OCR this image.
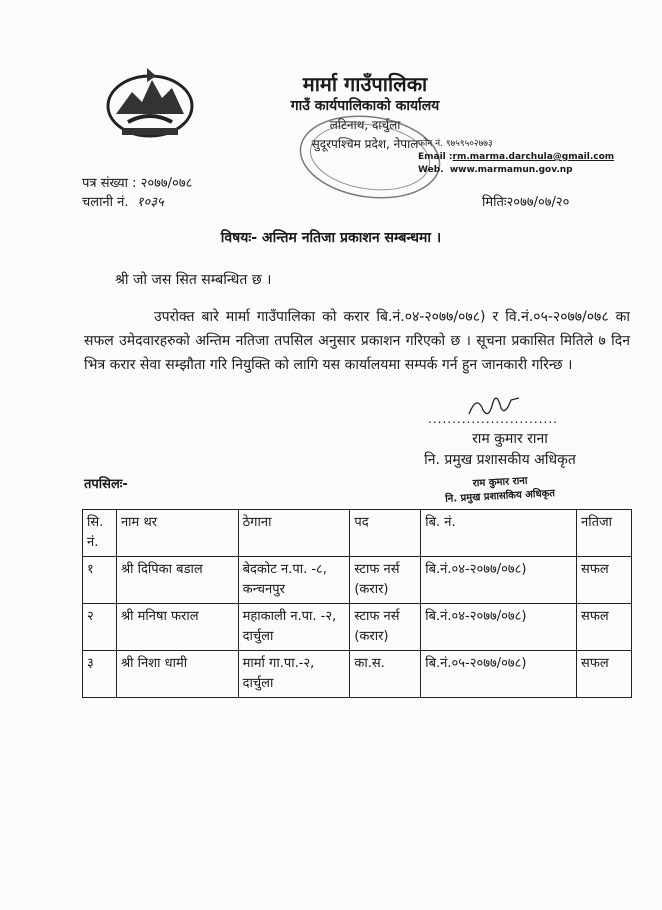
मार्मा गाउँपालिका
गाउँ कार्यपालिकाको कार्यालय
लटिनाथ, दार्चुला
सुदूरपश्चिम प्रदेश, नेपाल फोन नं. ९७५९५०२७७३
Email :rm.marma.darchula@gmail.com
Web. www.marmamun.gov.np
पत्र संख्या : २०७७/०७८
चलानी नं. १०३५	मितिः२०७७/०७/२०
विषयः- अन्तिम नतिजा प्रकाशन सम्बन्धमा ।
श्री जो जस सित सम्बन्धित छ ।
उपरोक्त बारे मार्मा गाउँपालिका को करार बि.नं.०४-२०७७/०७८) र वि.नं.०५-२०७७/०७८ का सफल उमेदवारहरुको अन्तिम नतिजा तपसिल अनुसार प्रकाशन गरिएको छ । सूचना प्रकासित मितिले ७ दिन भित्र करार सेवा सम्झौता गरि नियुक्ति को लागि यस कार्यालयमा सम्पर्क गर्न हुन जानकारी गरिन्छ ।
...........................
राम कुमार राना
नि. प्रमुख प्रशासकीय अधिकृत
राम कुमार राना
नि. प्रमुख प्रशासकिय अधिकृत
तपसिलः-
सि. नं.	नाम थर	ठेगाना	पद	बि. नं.	नतिजा
१	श्री दिपिका बडाल	बेदकोट न.पा. -८, कन्चनपुर	स्टाफ नर्स (करार)	बि.नं.०४-२०७७/०७८)	सफल
२	श्री मनिषा फराल	महाकाली न.पा. -२, दार्चुला	स्टाफ नर्स (करार)	बि.नं.०४-२०७७/०७८)	सफल
३	श्री निशा धामी	मार्मा गा.पा.-२, दार्चुला	का.स.	बि.नं.०५-२०७७/०७८)	सफल
